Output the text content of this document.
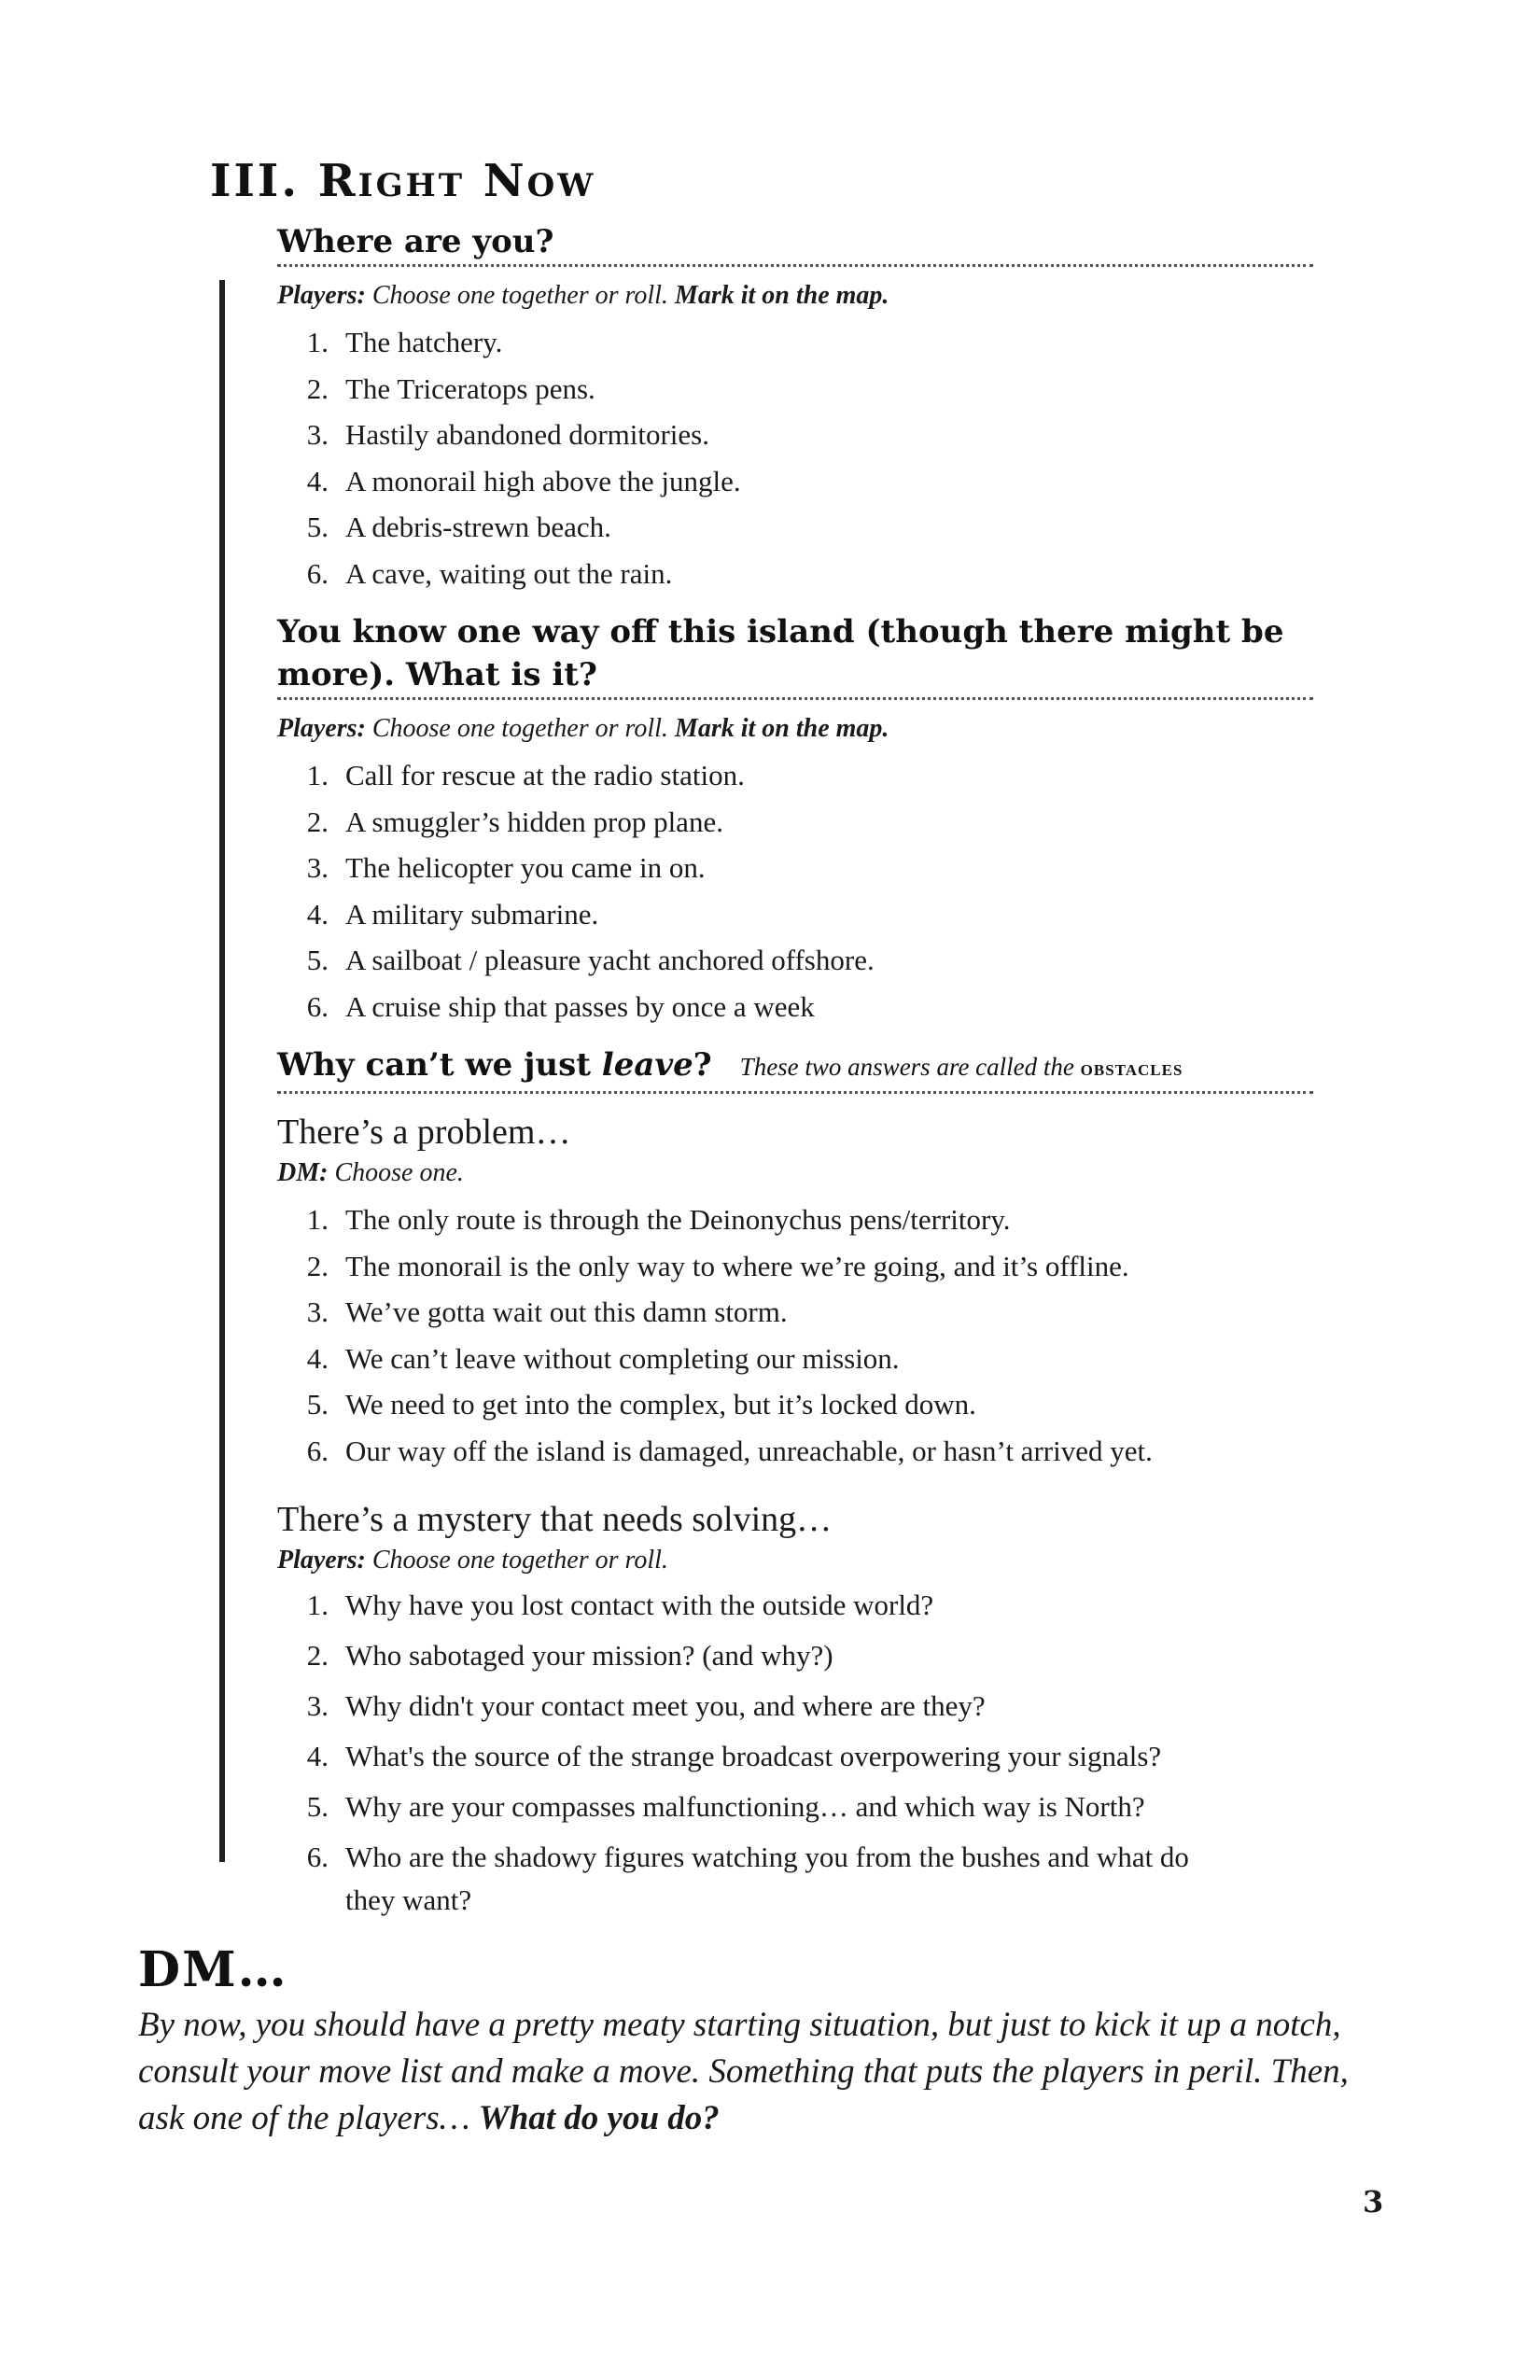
III. Right Now
Where are you?
Players: Choose one together or roll. Mark it on the map.
1. The hatchery.
2. The Triceratops pens.
3. Hastily abandoned dormitories.
4. A monorail high above the jungle.
5. A debris-strewn beach.
6. A cave, waiting out the rain.
You know one way off this island (though there might be more). What is it?
Players: Choose one together or roll. Mark it on the map.
1. Call for rescue at the radio station.
2. A smuggler’s hidden prop plane.
3. The helicopter you came in on.
4. A military submarine.
5. A sailboat / pleasure yacht anchored offshore.
6. A cruise ship that passes by once a week
Why can’t we just leave? These two answers are called the obstacles
There’s a problem…
DM: Choose one.
1. The only route is through the Deinonychus pens/territory.
2. The monorail is the only way to where we’re going, and it’s offline.
3. We’ve gotta wait out this damn storm.
4. We can’t leave without completing our mission.
5. We need to get into the complex, but it’s locked down.
6. Our way off the island is damaged, unreachable, or hasn’t arrived yet.
There’s a mystery that needs solving…
Players: Choose one together or roll.
1. Why have you lost contact with the outside world?
2. Who sabotaged your mission? (and why?)
3. Why didn't your contact meet you, and where are they?
4. What's the source of the strange broadcast overpowering your signals?
5. Why are your compasses malfunctioning… and which way is North?
6. Who are the shadowy figures watching you from the bushes and what do they want?
DM…

By now, you should have a pretty meaty starting situation, but just to kick it up a notch, consult your move list and make a move. Something that puts the players in peril. Then, ask one of the players… What do you do?

3
